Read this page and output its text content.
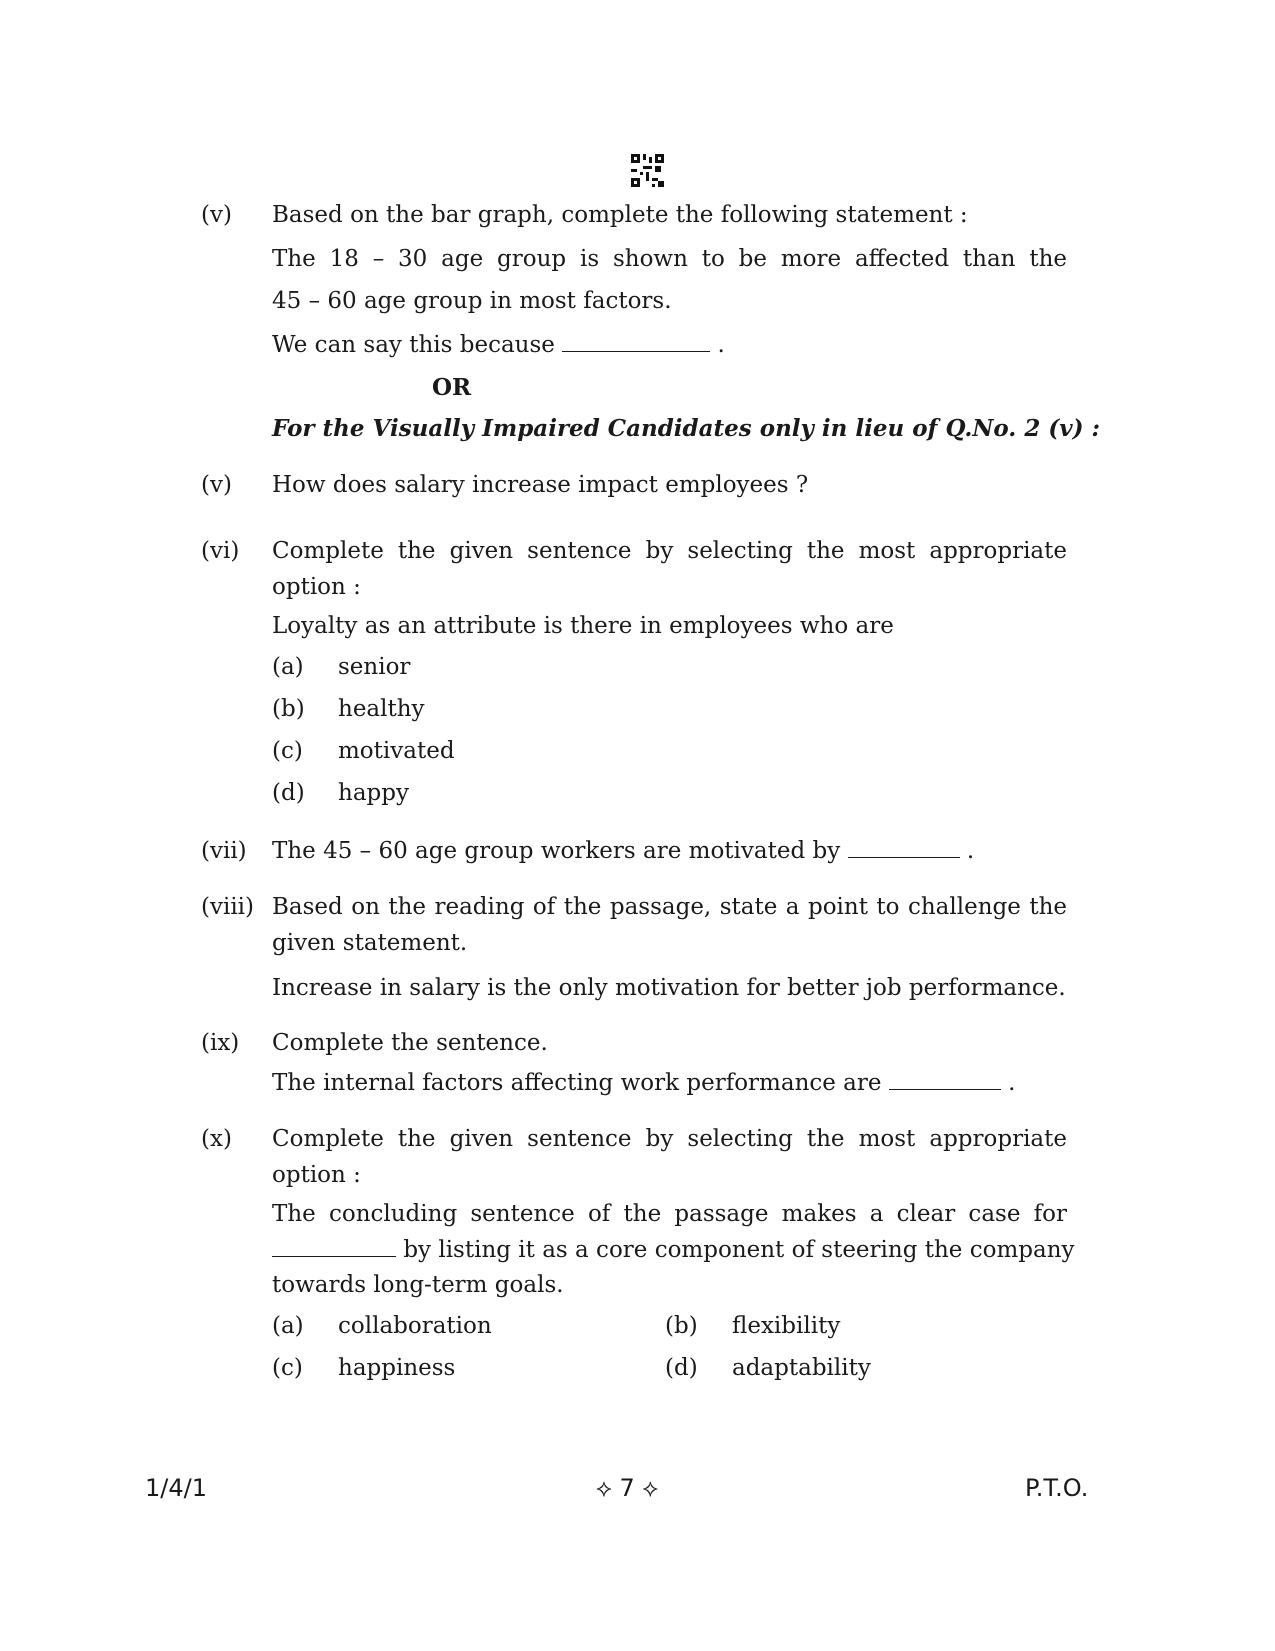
(v) Based on the bar graph, complete the following statement :
The 18 – 30 age group is shown to be more affected than the
45 – 60 age group in most factors.
We can say this because	.
OR
For the Visually Impaired Candidates only in lieu of Q.No. 2 (v) :
(v) How does salary increase impact employees ?
(vi) Complete the given sentence by selecting the most appropriate
option :
Loyalty as an attribute is there in employees who are
(a) senior
(b) healthy
(c) motivated
(d) happy
(vii) The 45 – 60 age group workers are motivated by	.
(viii) Based on the reading of the passage, state a point to challenge the
given statement.
Increase in salary is the only motivation for better job performance.
(ix) Complete the sentence.
The internal factors affecting work performance are	.
(x) Complete the given sentence by selecting the most appropriate
option :
The concluding sentence of the passage makes a clear case for
by listing it as a core component of steering the company
towards long-term goals.
(a) collaboration	(b) flexibility
(c) happiness	(d) adaptability
1/4/1	⟡ 7 ⟡	P.T.O.
